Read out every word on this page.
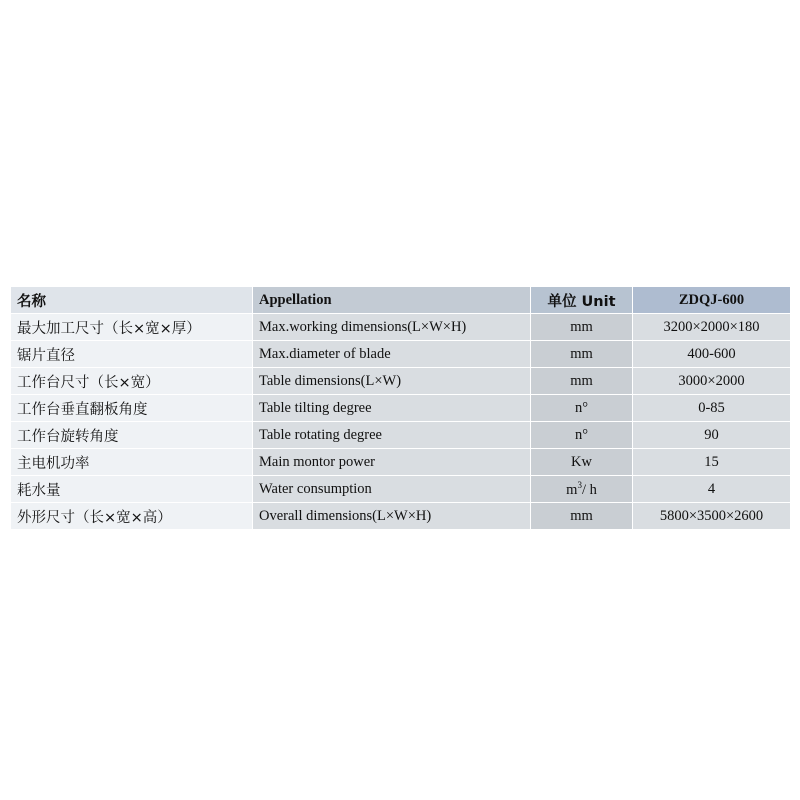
名称	Appellation	单位 Unit	ZDQJ-600
最大加工尺寸（长×宽×厚）	Max.working dimensions(L×W×H)	mm	3200×2000×180
锯片直径	Max.diameter of blade	mm	400-600
工作台尺寸（长×宽）	Table dimensions(L×W)	mm	3000×2000
工作台垂直翻板角度	Table tilting degree	n°	0-85
工作台旋转角度	Table rotating degree	n°	90
主电机功率	Main montor power	Kw	15
耗水量	Water consumption	$m^3/$ h	4
外形尺寸（长×宽×高）	Overall dimensions(L×W×H)	mm	5800×3500×2600
